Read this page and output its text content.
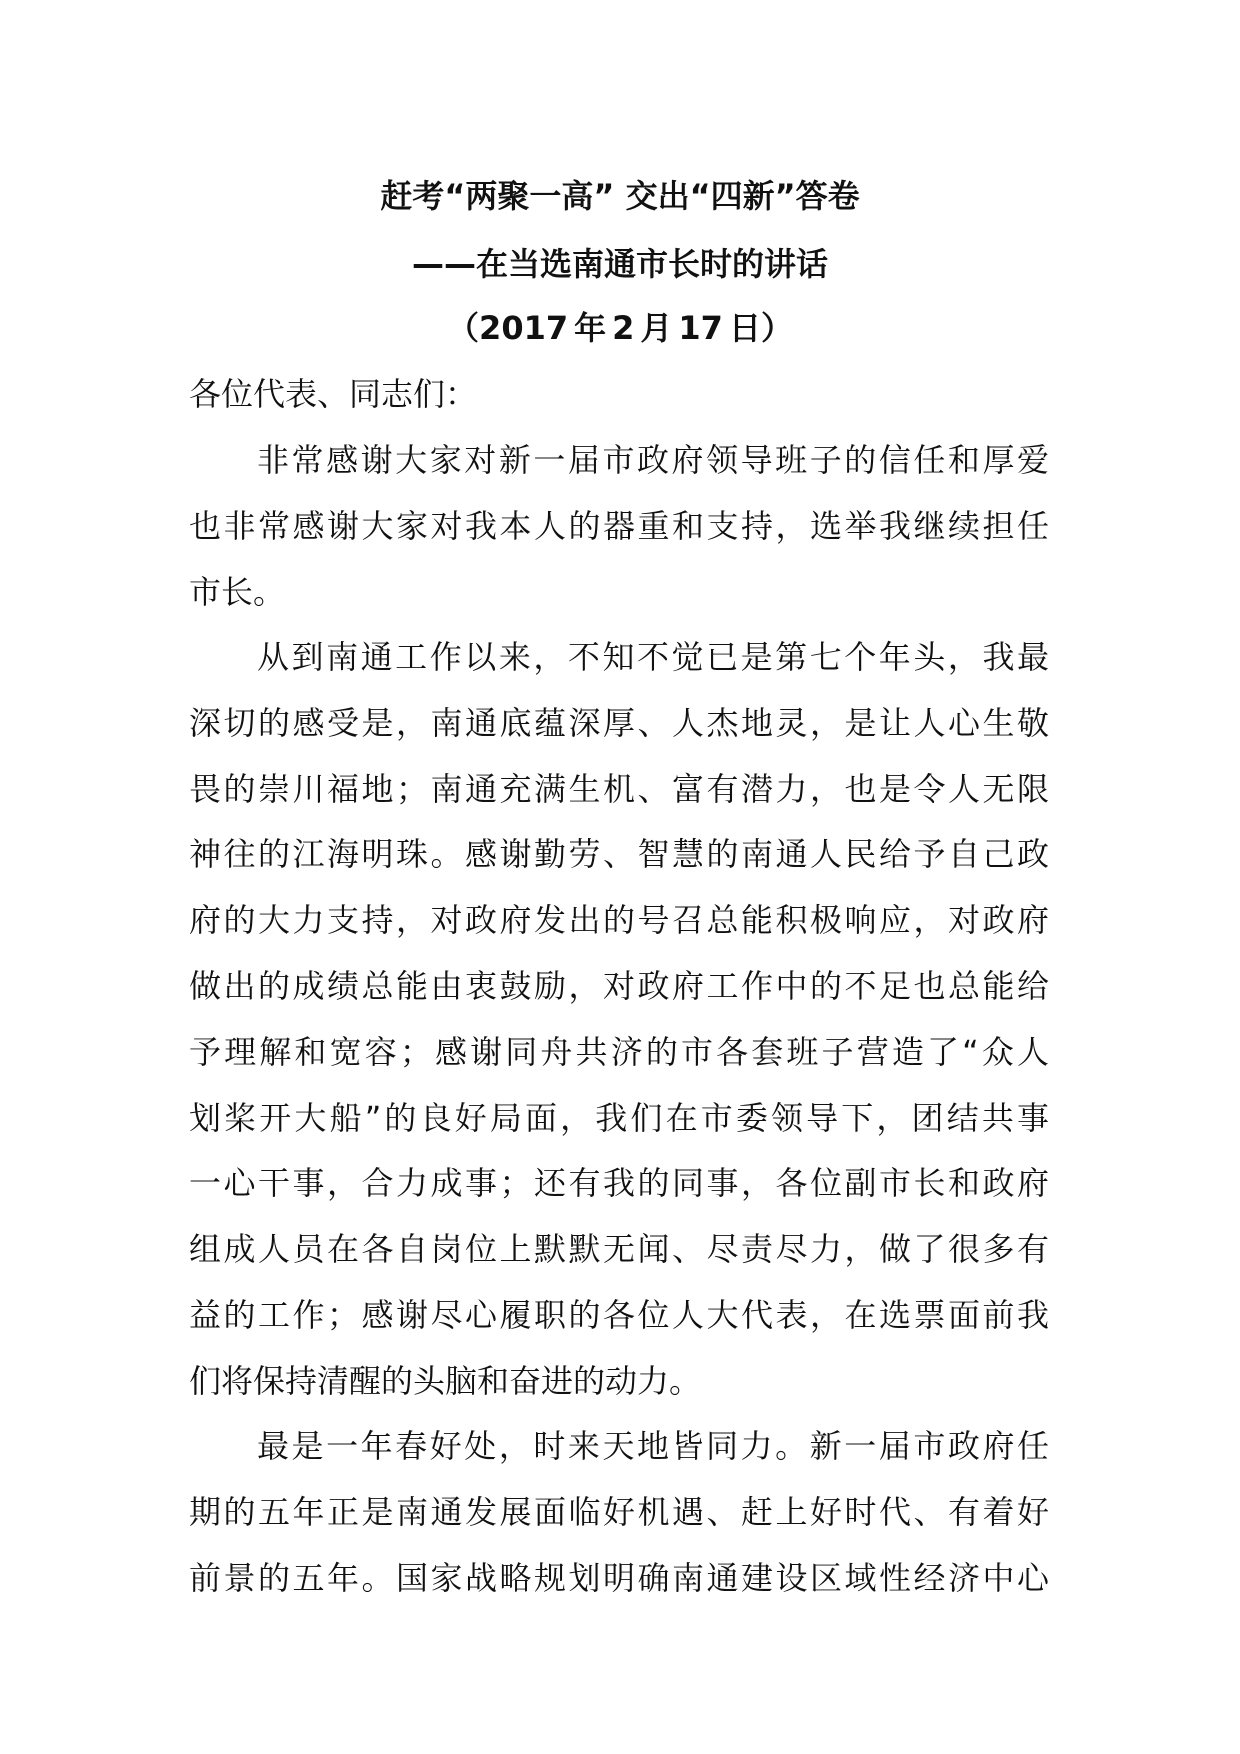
赶考“两聚一高” 交出“四新”答卷
——在当选南通市长时的讲话
（2017 年 2 月 17 日）
各位代表、同志们：
非常感谢大家对新一届市政府领导班子的信任和厚爱
也非常感谢大家对我本人的器重和支持，选举我继续担任
市长。
从到南通工作以来，不知不觉已是第七个年头，我最
深切的感受是，南通底蕴深厚、人杰地灵，是让人心生敬
畏的崇川福地；南通充满生机、富有潜力，也是令人无限
神往的江海明珠。感谢勤劳、智慧的南通人民给予自己政
府的大力支持，对政府发出的号召总能积极响应，对政府
做出的成绩总能由衷鼓励，对政府工作中的不足也总能给
予理解和宽容；感谢同舟共济的市各套班子营造了“众人
划桨开大船”的良好局面，我们在市委领导下，团结共事
一心干事，合力成事；还有我的同事，各位副市长和政府
组成人员在各自岗位上默默无闻、尽责尽力，做了很多有
益的工作；感谢尽心履职的各位人大代表，在选票面前我
们将保持清醒的头脑和奋进的动力。
最是一年春好处，时来天地皆同力。新一届市政府任
期的五年正是南通发展面临好机遇、赶上好时代、有着好
前景的五年。国家战略规划明确南通建设区域性经济中心
